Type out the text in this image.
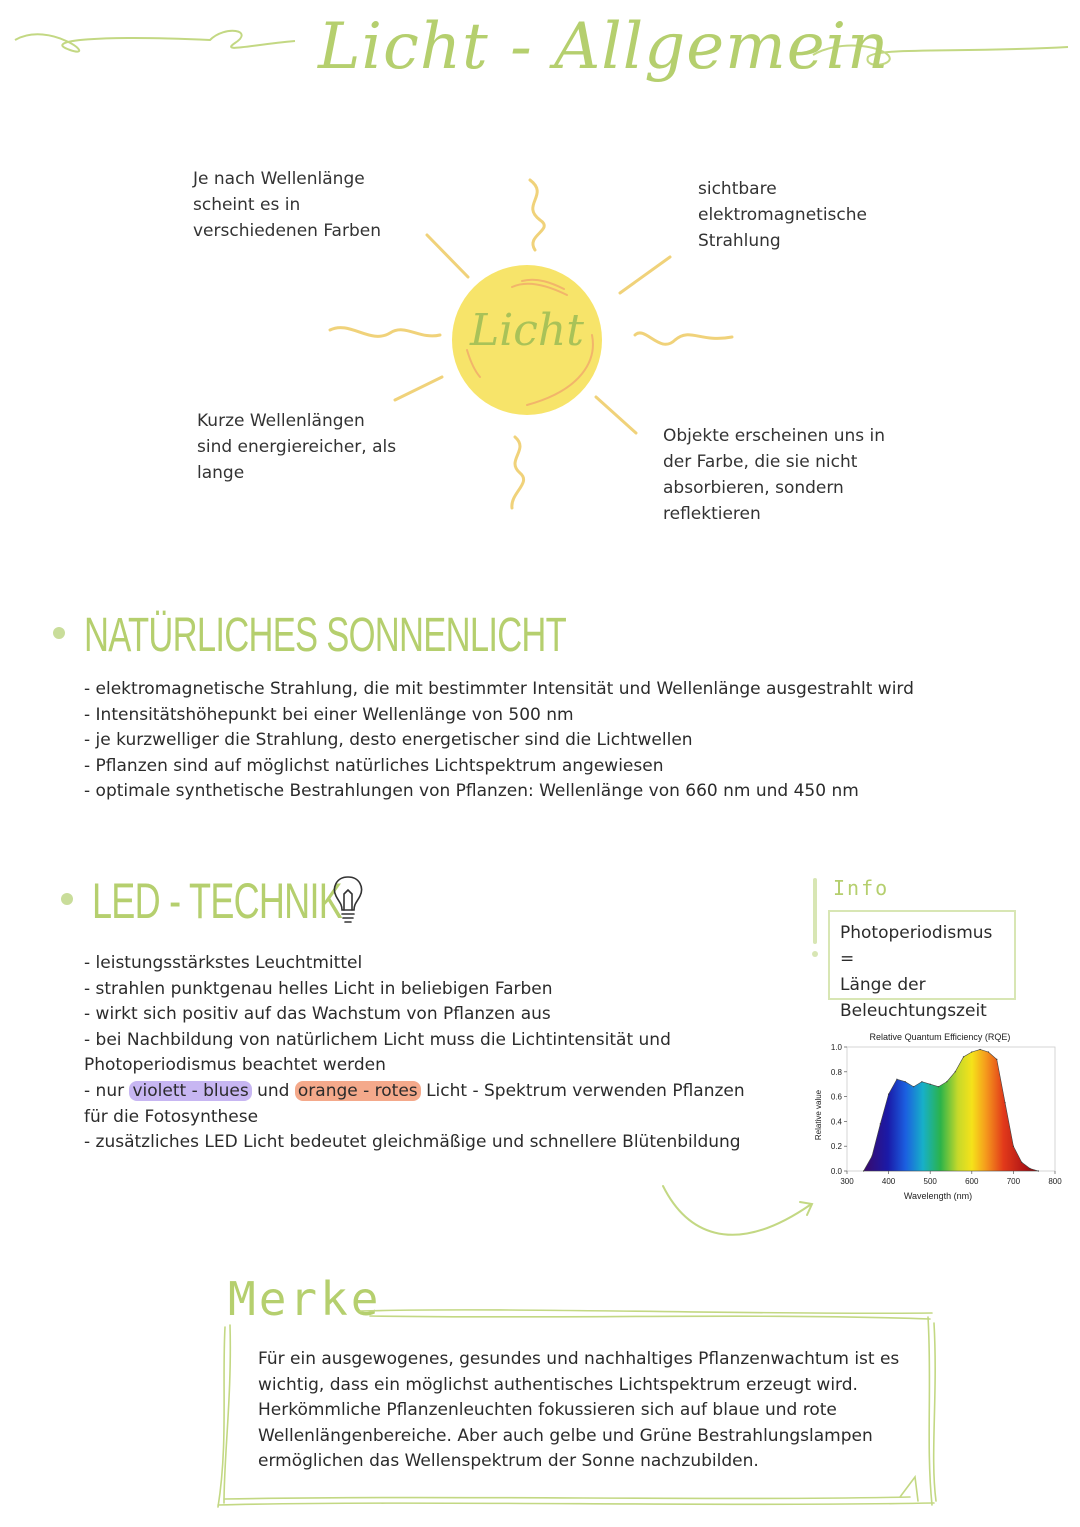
Licht - Allgemein
Licht
Je nach Wellenlänge
scheint es in
verschiedenen Farben
sichtbare
elektromagnetische
Strahlung
Kurze Wellenlängen
sind energiereicher, als
lange
Objekte erscheinen uns in
der Farbe, die sie nicht
absorbieren, sondern
reflektieren
NATÜRLICHES SONNENLICHT
- elektromagnetische Strahlung, die mit bestimmter Intensität und Wellenlänge ausgestrahlt wird
- Intensitätshöhepunkt bei einer Wellenlänge von 500 nm
- je kurzwelliger die Strahlung, desto energetischer sind die Lichtwellen
- Pflanzen sind auf möglichst natürliches Lichtspektrum angewiesen
- optimale synthetische Bestrahlungen von Pflanzen: Wellenlänge von 660 nm und 450 nm
LED - TECHNIK
- leistungsstärkstes Leuchtmittel
- strahlen punktgenau helles Licht in beliebigen Farben
- wirkt sich positiv auf das Wachstum von Pflanzen aus
- bei Nachbildung von natürlichem Licht muss die Lichtintensität und
Photoperiodismus beachtet werden
- nur violett - blues und orange - rotes Licht - Spektrum verwenden Pflanzen
für die Fotosynthese
- zusätzliches LED Licht bedeutet gleichmäßige und schnellere Blütenbildung
Info
Photoperiodismus =
Länge der
Beleuchtungszeit
Relative Quantum Efficiency (RQE)
Wavelength (nm)
Relative value
300	400	500	600	700	800
0.0
0.2
0.4
0.6
0.8
1.0
Merke
Für ein ausgewogenes, gesundes und nachhaltiges Pflanzenwachtum ist es
wichtig, dass ein möglichst authentisches Lichtspektrum erzeugt wird.
Herkömmliche Pflanzenleuchten fokussieren sich auf blaue und rote
Wellenlängenbereiche. Aber auch gelbe und Grüne Bestrahlungslampen
ermöglichen das Wellenspektrum der Sonne nachzubilden.
